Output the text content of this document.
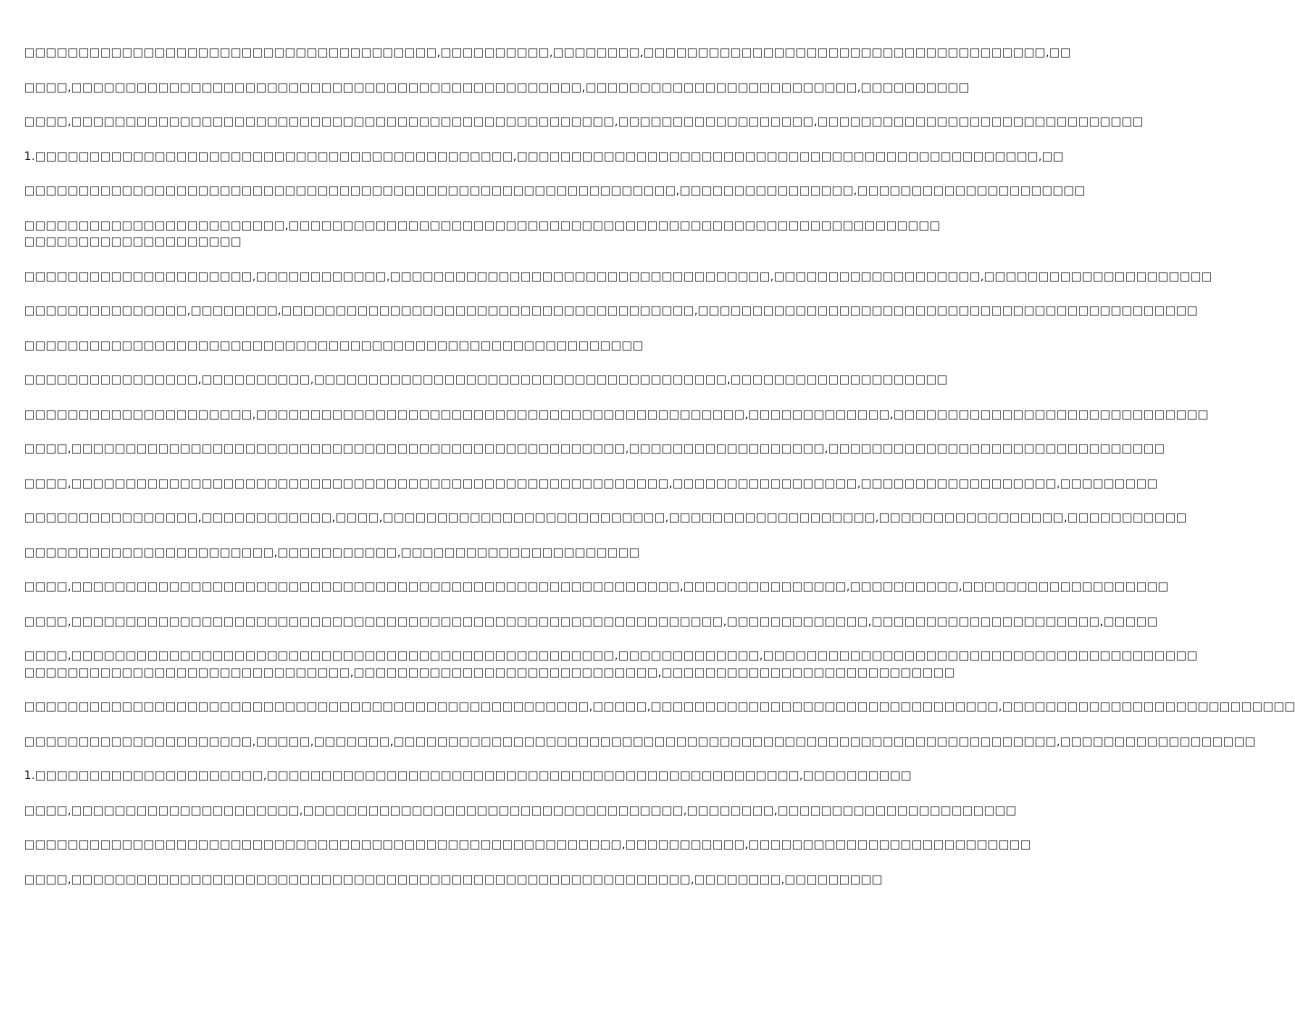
□□□□□□□□□□□□□□□□□□□□□□□□□□□□□□□□□□□□□□,□□□□□□□□□□,□□□□□□□□,□□□□□□□□□□□□□□□□□□□□□□□□□□□□□□□□□□□□□,□□

□□□□,□□□□□□□□□□□□□□□□□□□□□□□□□□□□□□□□□□□□□□□□□□□□□□□,□□□□□□□□□□□□□□□□□□□□□□□□□,□□□□□□□□□□

□□□□,□□□□□□□□□□□□□□□□□□□□□□□□□□□□□□□□□□□□□□□□□□□□□□□□□□,□□□□□□□□□□□□□□□□□□,□□□□□□□□□□□□□□□□□□□□□□□□□□□□□□

1.□□□□□□□□□□□□□□□□□□□□□□□□□□□□□□□□□□□□□□□□□□□□,□□□□□□□□□□□□□□□□□□□□□□□□□□□□□□□□□□□□□□□□□□□□□□□□,□□

□□□□□□□□□□□□□□□□□□□□□□□□□□□□□□□□□□□□□□□□□□□□□□□□□□□□□□□□□□□□,□□□□□□□□□□□□□□□□,□□□□□□□□□□□□□□□□□□□□□

□□□□□□□□□□□□□□□□□□□□□□□□,□□□□□□□□□□□□□□□□□□□□□□□□□□□□□□□□□□□□□□□□□□□□□□□□□□□□□□□□□□□□ □□□□□□□□□□□□□□□□□□□□

□□□□□□□□□□□□□□□□□□□□□,□□□□□□□□□□□□,□□□□□□□□□□□□□□□□□□□□□□□□□□□□□□□□□□□,□□□□□□□□□□□□□□□□□□□,□□□□□□□□□□□□□□□□□□□□□

□□□□□□□□□□□□□□□,□□□□□□□□,□□□□□□□□□□□□□□□□□□□□□□□□□□□□□□□□□□□□□□,□□□□□□□□□□□□□□□□□□□□□□□□□□□□□□□□□□□□□□□□□□□□□□

□□□□□□□□□□□□□□□□□□□□□□□□□□□□□□□□□□□□□□□□□□□□□□□□□□□□□□□□□

□□□□□□□□□□□□□□□□,□□□□□□□□□□,□□□□□□□□□□□□□□□□□□□□□□□□□□□□□□□□□□□□□□,□□□□□□□□□□□□□□□□□□□□

□□□□□□□□□□□□□□□□□□□□□,□□□□□□□□□□□□□□□□□□□□□□□□□□□□□□□□□□□□□□□□□□□□□,□□□□□□□□□□□□□,□□□□□□□□□□□□□□□□□□□□□□□□□□□□□

□□□□,□□□□□□□□□□□□□□□□□□□□□□□□□□□□□□□□□□□□□□□□□□□□□□□□□□□,□□□□□□□□□□□□□□□□□□,□□□□□□□□□□□□□□□□□□□□□□□□□□□□□□□

□□□□,□□□□□□□□□□□□□□□□□□□□□□□□□□□□□□□□□□□□□□□□□□□□□□□□□□□□□□□,□□□□□□□□□□□□□□□□□,□□□□□□□□□□□□□□□□□□,□□□□□□□□□

□□□□□□□□□□□□□□□□,□□□□□□□□□□□□,□□□□,□□□□□□□□□□□□□□□□□□□□□□□□□□,□□□□□□□□□□□□□□□□□□□,□□□□□□□□□□□□□□□□□,□□□□□□□□□□□

□□□□□□□□□□□□□□□□□□□□□□□,□□□□□□□□□□□,□□□□□□□□□□□□□□□□□□□□□□

□□□□,□□□□□□□□□□□□□□□□□□□□□□□□□□□□□□□□□□□□□□□□□□□□□□□□□□□□□□□□,□□□□□□□□□□□□□□□,□□□□□□□□□□,□□□□□□□□□□□□□□□□□□□

□□□□,□□□□□□□□□□□□□□□□□□□□□□□□□□□□□□□□□□□□□□□□□□□□□□□□□□□□□□□□□□□□,□□□□□□□□□□□□□,□□□□□□□□□□□□□□□□□□□□□,□□□□□

□□□□,□□□□□□□□□□□□□□□□□□□□□□□□□□□□□□□□□□□□□□□□□□□□□□□□□□,□□□□□□□□□□□□□,□□□□□□□□□□□□□□□□□□□□□□□□□□□□□□□□□□□□□□□□ □□□□□□□□□□□□□□□□□□□□□□□□□□□□□□,□□□□□□□□□□□□□□□□□□□□□□□□□□□□,□□□□□□□□□□□□□□□□□□□□□□□□□□□

□□□□□□□□□□□□□□□□□□□□□□□□□□□□□□□□□□□□□□□□□□□□□□□□□□□□,□□□□□,□□□□□□□□□□□□□□□□□□□□□□□□□□□□□□□□,□□□□□□□□□□□□□□□□□□□□□□□□□□□

□□□□□□□□□□□□□□□□□□□□□,□□□□□,□□□□□□□,□□□□□□□□□□□□□□□□□□□□□□□□□□□□□□□□□□□□□□□□□□□□□□□□□□□□□□□□□□□□□,□□□□□□□□□□□□□□□□□□

1.□□□□□□□□□□□□□□□□□□□□□,□□□□□□□□□□□□□□□□□□□□□□□□□□□□□□□□□□□□□□□□□□□□□□□□□,□□□□□□□□□□

□□□□,□□□□□□□□□□□□□□□□□□□□□,□□□□□□□□□□□□□□□□□□□□□□□□□□□□□□□□□□□,□□□□□□□□,□□□□□□□□□□□□□□□□□□□□□□

□□□□□□□□□□□□□□□□□□□□□□□□□□□□□□□□□□□□□□□□□□□□□□□□□□□□□□□,□□□□□□□□□□□,□□□□□□□□□□□□□□□□□□□□□□□□□□

□□□□,□□□□□□□□□□□□□□□□□□□□□□□□□□□□□□□□□□□□□□□□□□□□□□□□□□□□□□□□□,□□□□□□□□,□□□□□□□□□
